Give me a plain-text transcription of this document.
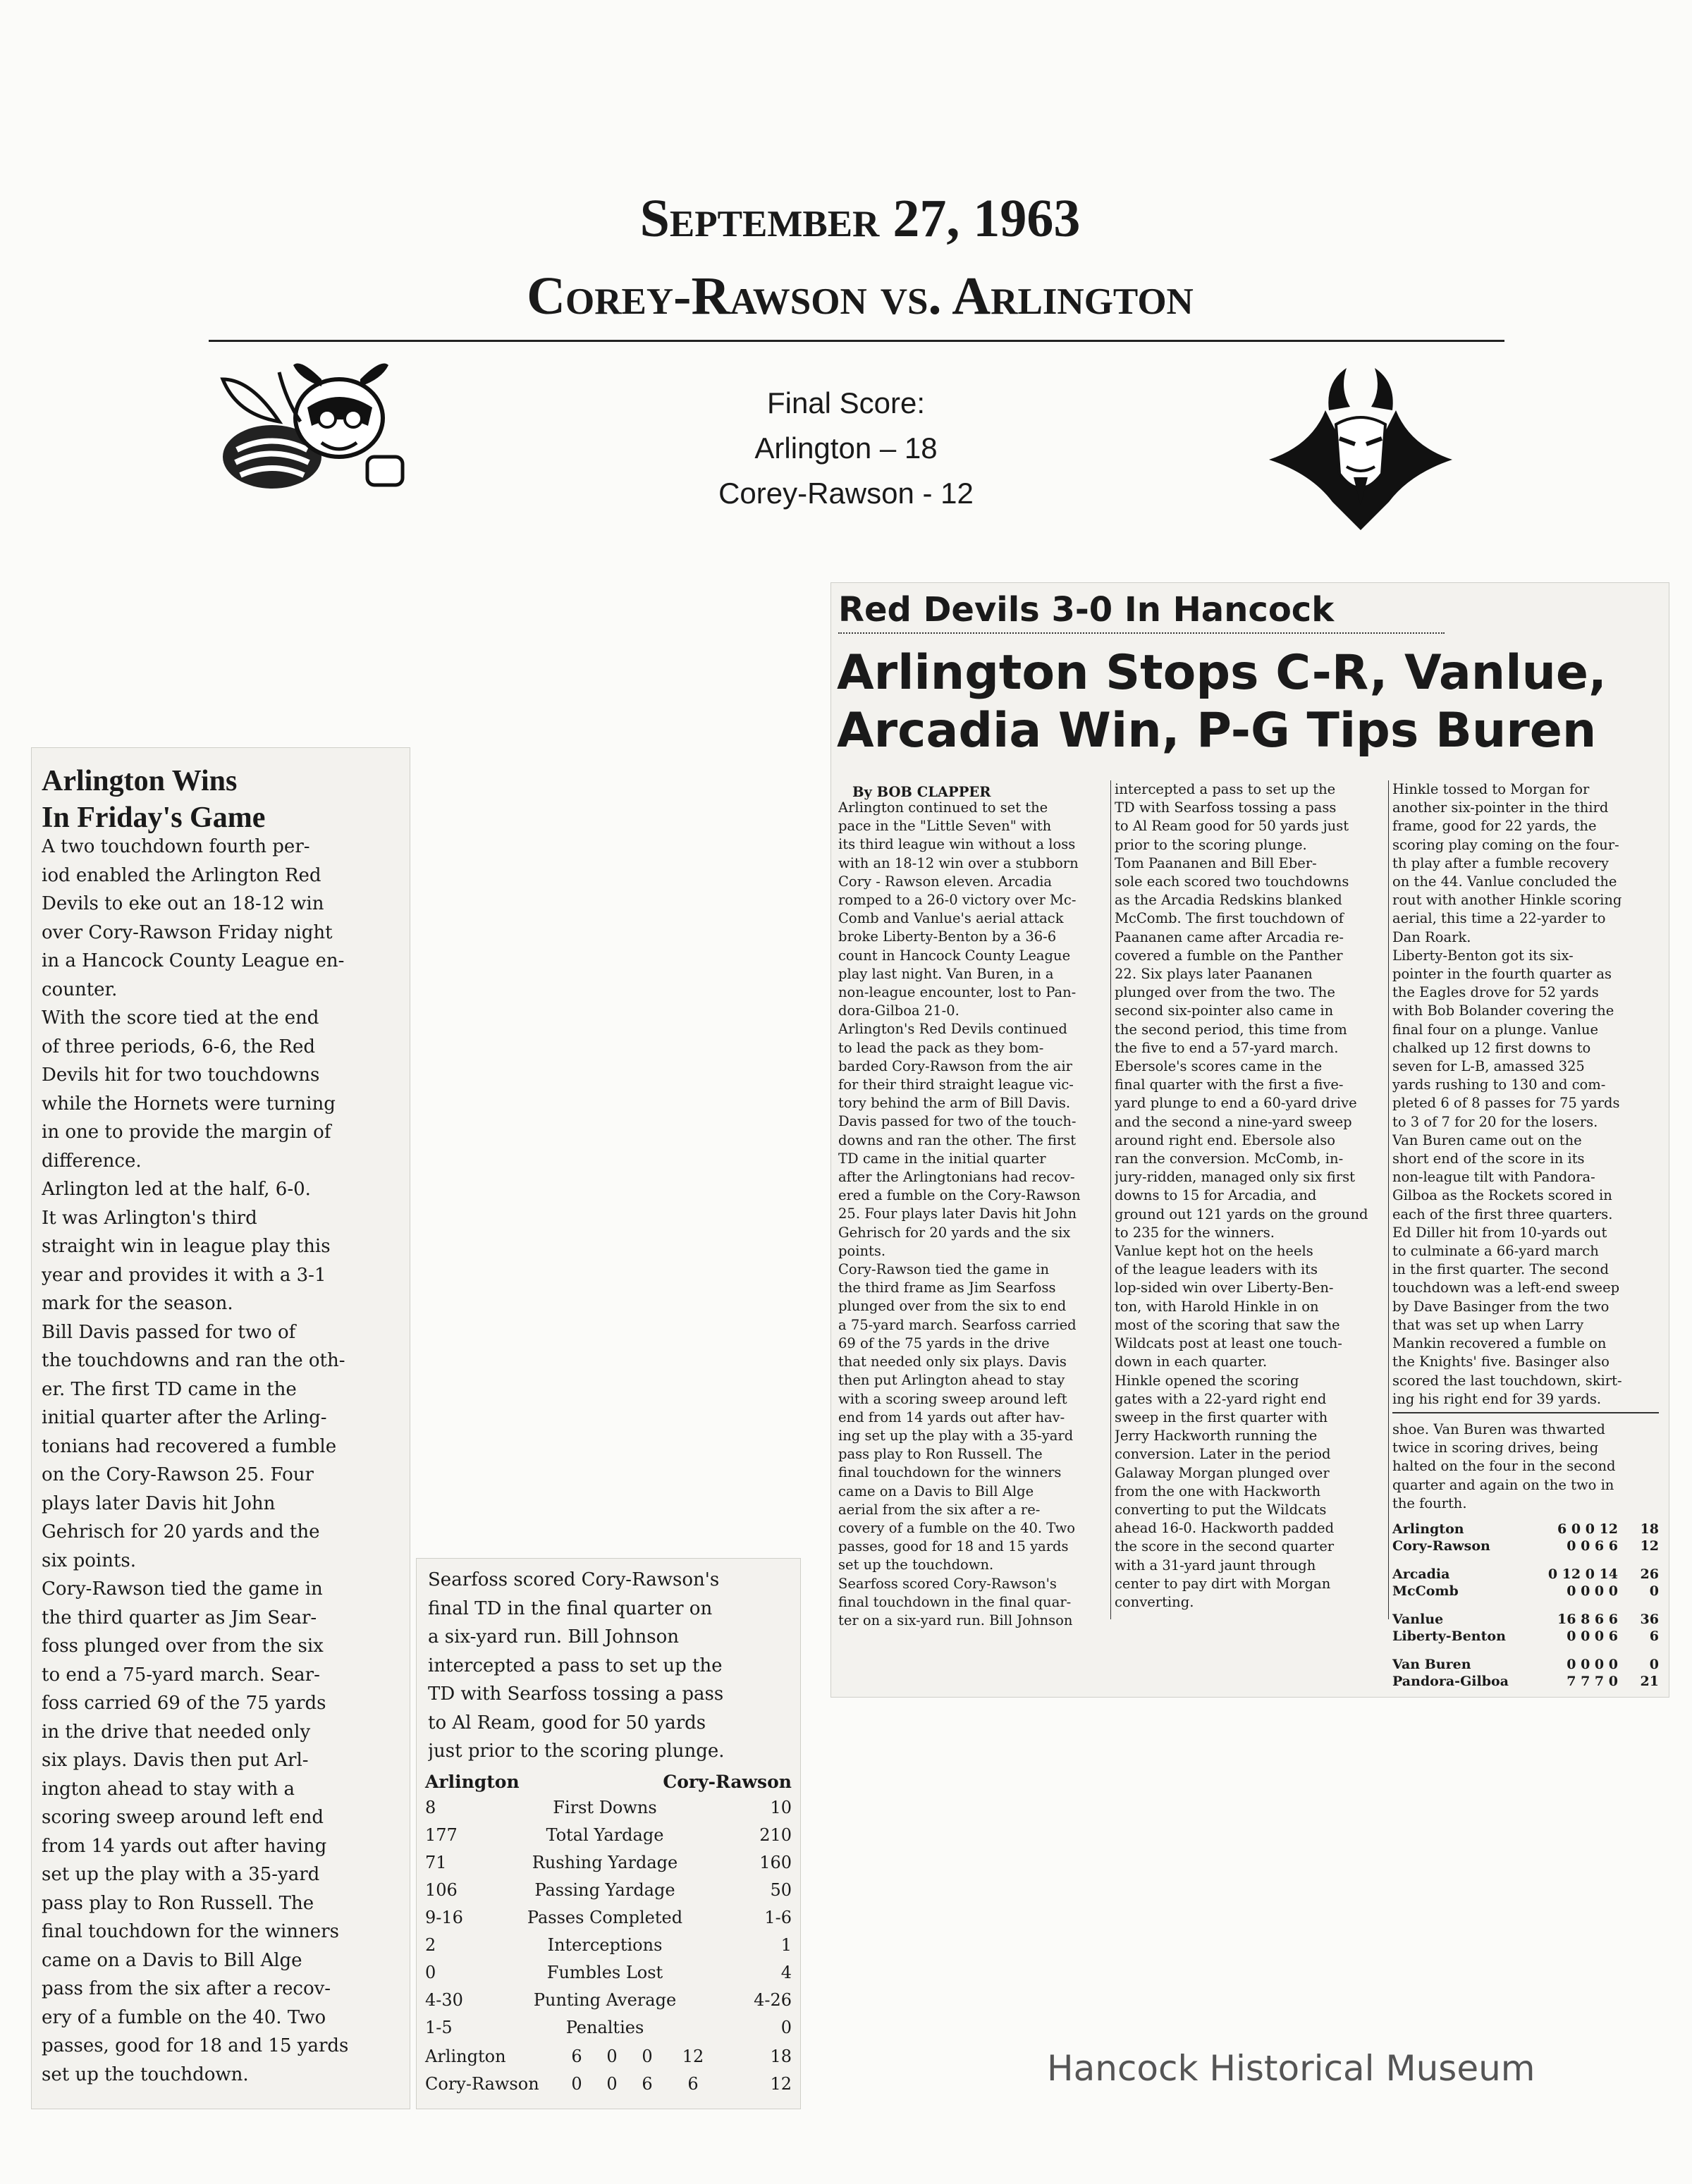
September 27, 1963
Corey-Rawson vs. Arlington
Final Score:
Arlington – 18
Corey-Rawson - 12
Arlington Wins
In Friday's Game
A two touchdown fourth per-
iod enabled the Arlington Red
Devils to eke out an 18-12 win
over Cory-Rawson Friday night
in a Hancock County League en-
counter.
With the score tied at the end
of three periods, 6-6, the Red
Devils hit for two touchdowns
while the Hornets were turning
in one to provide the margin of
difference.
Arlington led at the half, 6-0.
It was Arlington's third
straight win in league play this
year and provides it with a 3-1
mark for the season.
Bill Davis passed for two of
the touchdowns and ran the oth-
er. The first TD came in the
initial quarter after the Arling-
tonians had recovered a fumble
on the Cory-Rawson 25. Four
plays later Davis hit John
Gehrisch for 20 yards and the
six points.
Cory-Rawson tied the game in
the third quarter as Jim Sear-
foss plunged over from the six
to end a 75-yard march. Sear-
foss carried 69 of the 75 yards
in the drive that needed only
six plays. Davis then put Arl-
ington ahead to stay with a
scoring sweep around left end
from 14 yards out after having
set up the play with a 35-yard
pass play to Ron Russell. The
final touchdown for the winners
came on a Davis to Bill Alge
pass from the six after a recov-
ery of a fumble on the 40. Two
passes, good for 18 and 15 yards
set up the touchdown.
Searfoss scored Cory-Rawson's
final TD in the final quarter on
a six-yard run. Bill Johnson
intercepted a pass to set up the
TD with Searfoss tossing a pass
to Al Ream, good for 50 yards
just prior to the scoring plunge.
Arlington	Cory-Rawson
8	First Downs	10
177	Total Yardage	210
71	Rushing Yardage	160
106	Passing Yardage	50
9-16	Passes Completed	1-6
2	Interceptions	1
0	Fumbles Lost	4
4-30	Punting Average	4-26
1-5	Penalties	0
Arlington	6	0	0	12	18
Cory-Rawson	0	0	6	6	12
Red Devils 3-0 In Hancock
Arlington Stops C-R, Vanlue,
Arcadia Win, P-G Tips Buren
By BOB CLAPPER
Arlington continued to set the
pace in the "Little Seven" with
its third league win without a loss
with an 18-12 win over a stubborn
Cory - Rawson eleven. Arcadia
romped to a 26-0 victory over Mc-
Comb and Vanlue's aerial attack
broke Liberty-Benton by a 36-6
count in Hancock County League
play last night. Van Buren, in a
non-league encounter, lost to Pan-
dora-Gilboa 21-0.
Arlington's Red Devils continued
to lead the pack as they bom-
barded Cory-Rawson from the air
for their third straight league vic-
tory behind the arm of Bill Davis.
Davis passed for two of the touch-
downs and ran the other. The first
TD came in the initial quarter
after the Arlingtonians had recov-
ered a fumble on the Cory-Rawson
25. Four plays later Davis hit John
Gehrisch for 20 yards and the six
points.
Cory-Rawson tied the game in
the third frame as Jim Searfoss
plunged over from the six to end
a 75-yard march. Searfoss carried
69 of the 75 yards in the drive
that needed only six plays. Davis
then put Arlington ahead to stay
with a scoring sweep around left
end from 14 yards out after hav-
ing set up the play with a 35-yard
pass play to Ron Russell. The
final touchdown for the winners
came on a Davis to Bill Alge
aerial from the six after a re-
covery of a fumble on the 40. Two
passes, good for 18 and 15 yards
set up the touchdown.
Searfoss scored Cory-Rawson's
final touchdown in the final quar-
ter on a six-yard run. Bill Johnson
intercepted a pass to set up the
TD with Searfoss tossing a pass
to Al Ream good for 50 yards just
prior to the scoring plunge.
Tom Paananen and Bill Eber-
sole each scored two touchdowns
as the Arcadia Redskins blanked
McComb. The first touchdown of
Paananen came after Arcadia re-
covered a fumble on the Panther
22. Six plays later Paananen
plunged over from the two. The
second six-pointer also came in
the second period, this time from
the five to end a 57-yard march.
Ebersole's scores came in the
final quarter with the first a five-
yard plunge to end a 60-yard drive
and the second a nine-yard sweep
around right end. Ebersole also
ran the conversion. McComb, in-
jury-ridden, managed only six first
downs to 15 for Arcadia, and
ground out 121 yards on the ground
to 235 for the winners.
Vanlue kept hot on the heels
of the league leaders with its
lop-sided win over Liberty-Ben-
ton, with Harold Hinkle in on
most of the scoring that saw the
Wildcats post at least one touch-
down in each quarter.
Hinkle opened the scoring
gates with a 22-yard right end
sweep in the first quarter with
Jerry Hackworth running the
conversion. Later in the period
Galaway Morgan plunged over
from the one with Hackworth
converting to put the Wildcats
ahead 16-0. Hackworth padded
the score in the second quarter
with a 31-yard jaunt through
center to pay dirt with Morgan
converting.
Hinkle tossed to Morgan for
another six-pointer in the third
frame, good for 22 yards, the
scoring play coming on the four-
th play after a fumble recovery
on the 44. Vanlue concluded the
rout with another Hinkle scoring
aerial, this time a 22-yarder to
Dan Roark.
Liberty-Benton got its six-
pointer in the fourth quarter as
the Eagles drove for 52 yards
with Bob Bolander covering the
final four on a plunge. Vanlue
chalked up 12 first downs to
seven for L-B, amassed 325
yards rushing to 130 and com-
pleted 6 of 8 passes for 75 yards
to 3 of 7 for 20 for the losers.
Van Buren came out on the
short end of the score in its
non-league tilt with Pandora-
Gilboa as the Rockets scored in
each of the first three quarters.
Ed Diller hit from 10-yards out
to culminate a 66-yard march
in the first quarter. The second
touchdown was a left-end sweep
by Dave Basinger from the two
that was set up when Larry
Mankin recovered a fumble on
the Knights' five. Basinger also
scored the last touchdown, skirt-
ing his right end for 39 yards.
shoe. Van Buren was thwarted
twice in scoring drives, being
halted on the four in the second
quarter and again on the two in
the fourth.
Arlington	6 0 0 12	18
Cory-Rawson	0 0 6 6	12
Arcadia	0 12 0 14	26
McComb	0 0 0 0	0
Vanlue	16 8 6 6	36
Liberty-Benton	0 0 0 6	6
Van Buren	0 0 0 0	0
Pandora-Gilboa	7 7 7 0	21
Hancock Historical Museum
